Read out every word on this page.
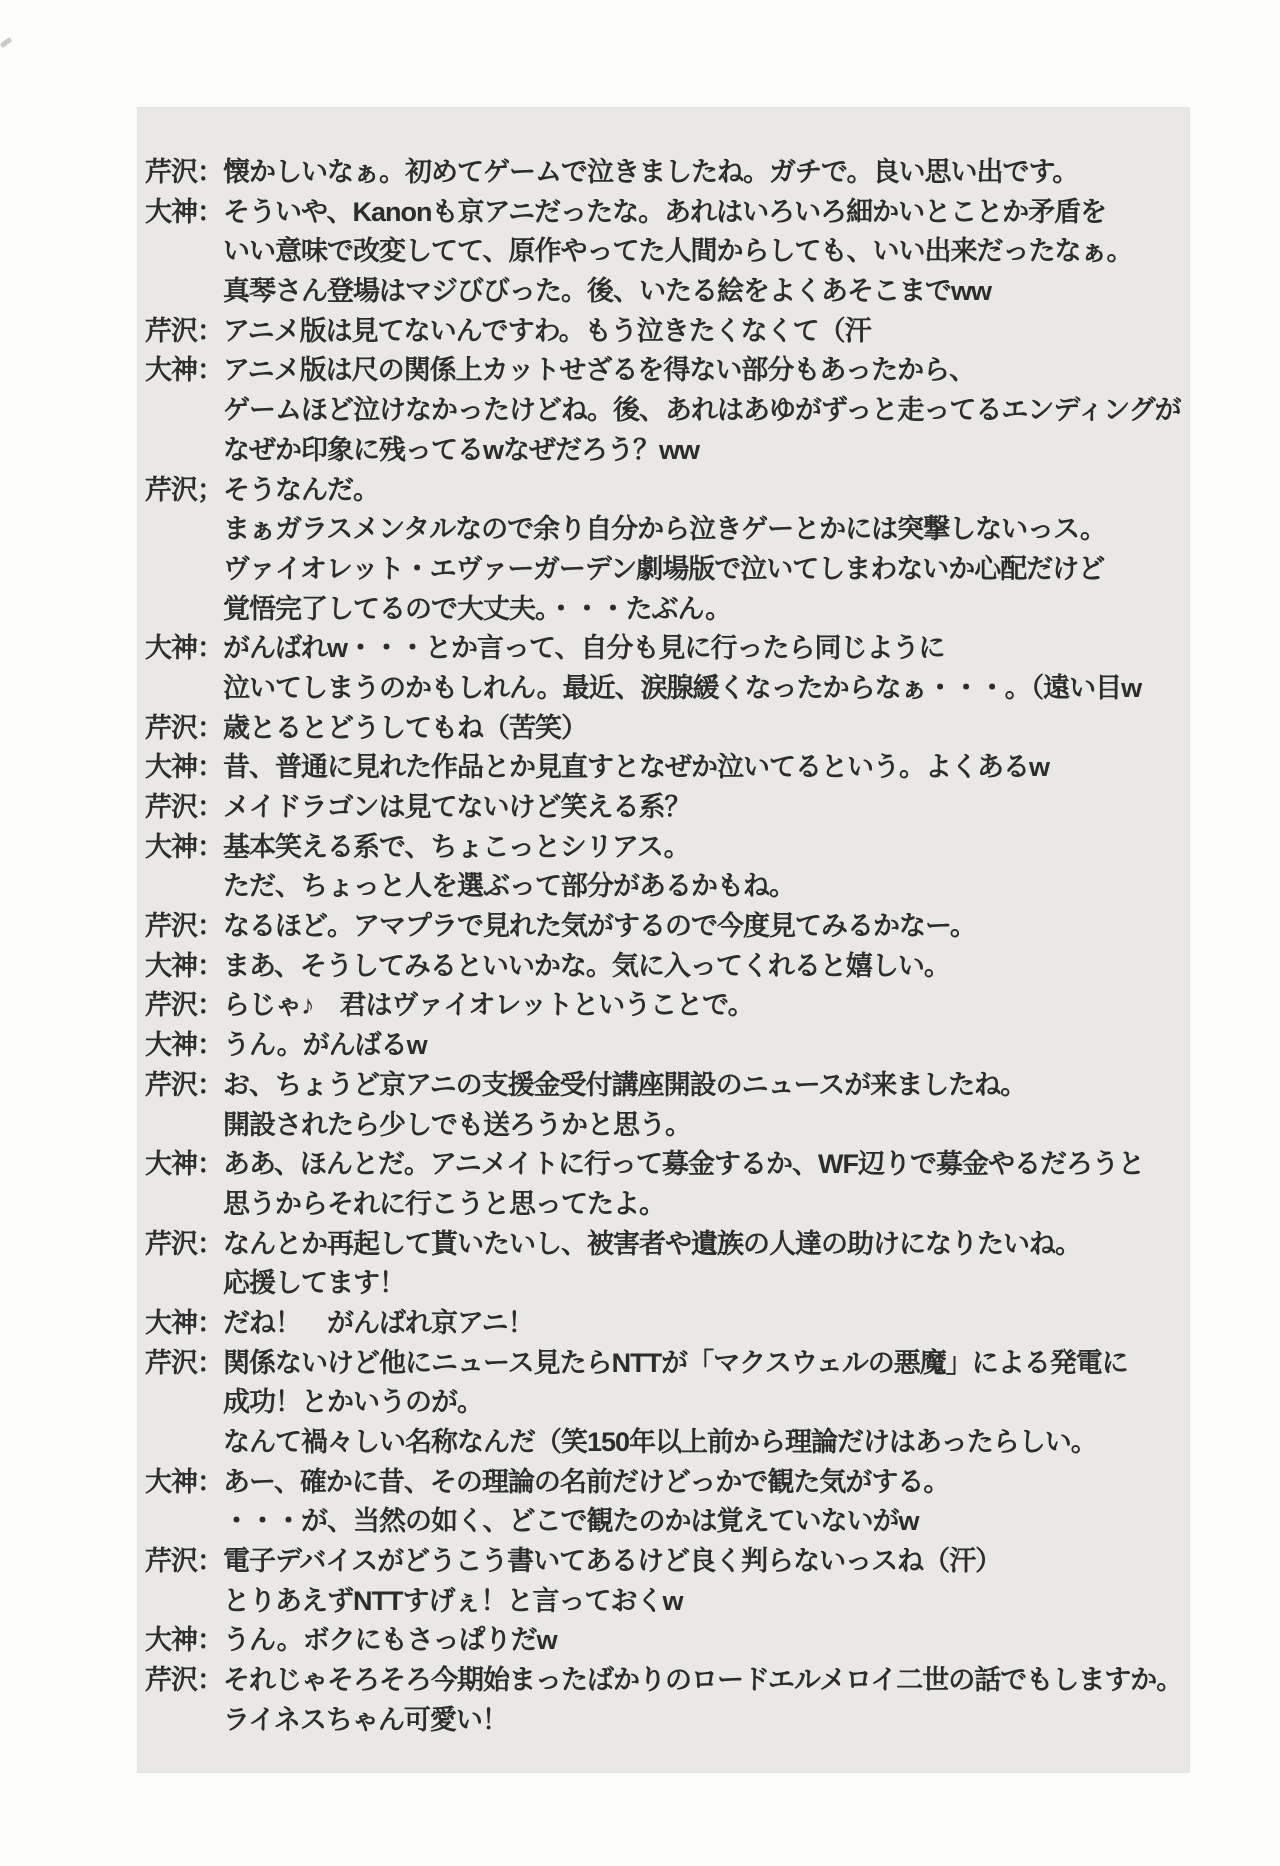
芹沢： 懐かしいなぁ。初めてゲームで泣きましたね。ガチで。良い思い出です。
大神： そういや、Kanonも京アニだったな。あれはいろいろ細かいとことか矛盾を
いい意味で改変してて、原作やってた人間からしても、いい出来だったなぁ。
真琴さん登場はマジびびった。後、いたる絵をよくあそこまでww
芹沢： アニメ版は見てないんですわ。もう泣きたくなくて（汗
大神： アニメ版は尺の関係上カットせざるを得ない部分もあったから、
ゲームほど泣けなかったけどね。後、あれはあゆがずっと走ってるエンディングが
なぜか印象に残ってるwなぜだろう？ww
芹沢； そうなんだ。
まぁガラスメンタルなので余り自分から泣きゲーとかには突撃しないっス。
ヴァイオレット・エヴァーガーデン劇場版で泣いてしまわないか心配だけど
覚悟完了してるので大丈夫。・・・たぶん。
大神： がんばれw・・・とか言って、自分も見に行ったら同じように
泣いてしまうのかもしれん。最近、涙腺緩くなったからなぁ・・・。（遠い目w
芹沢： 歳とるとどうしてもね（苦笑）
大神： 昔、普通に見れた作品とか見直すとなぜか泣いてるという。よくあるw
芹沢： メイドラゴンは見てないけど笑える系？
大神： 基本笑える系で、ちょこっとシリアス。
ただ、ちょっと人を選ぶって部分があるかもね。
芹沢： なるほど。アマプラで見れた気がするので今度見てみるかなー。
大神： まあ、そうしてみるといいかな。気に入ってくれると嬉しい。
芹沢： らじゃ♪　君はヴァイオレットということで。
大神： うん。がんばるw
芹沢： お、ちょうど京アニの支援金受付講座開設のニュースが来ましたね。
開設されたら少しでも送ろうかと思う。
大神： ああ、ほんとだ。アニメイトに行って募金するか、WF辺りで募金やるだろうと
思うからそれに行こうと思ってたよ。
芹沢： なんとか再起して貰いたいし、被害者や遺族の人達の助けになりたいね。
応援してます！
大神： だね！　がんばれ京アニ！
芹沢： 関係ないけど他にニュース見たらNTTが「マクスウェルの悪魔」による発電に
成功！とかいうのが。
なんて禍々しい名称なんだ（笑150年以上前から理論だけはあったらしい。
大神： あー、確かに昔、その理論の名前だけどっかで観た気がする。
・・・が、当然の如く、どこで観たのかは覚えていないがw
芹沢： 電子デバイスがどうこう書いてあるけど良く判らないっスね（汗）
とりあえずNTTすげぇ！と言っておくw
大神： うん。ボクにもさっぱりだw
芹沢： それじゃそろそろ今期始まったばかりのロードエルメロイ二世の話でもしますか。
ライネスちゃん可愛い！
